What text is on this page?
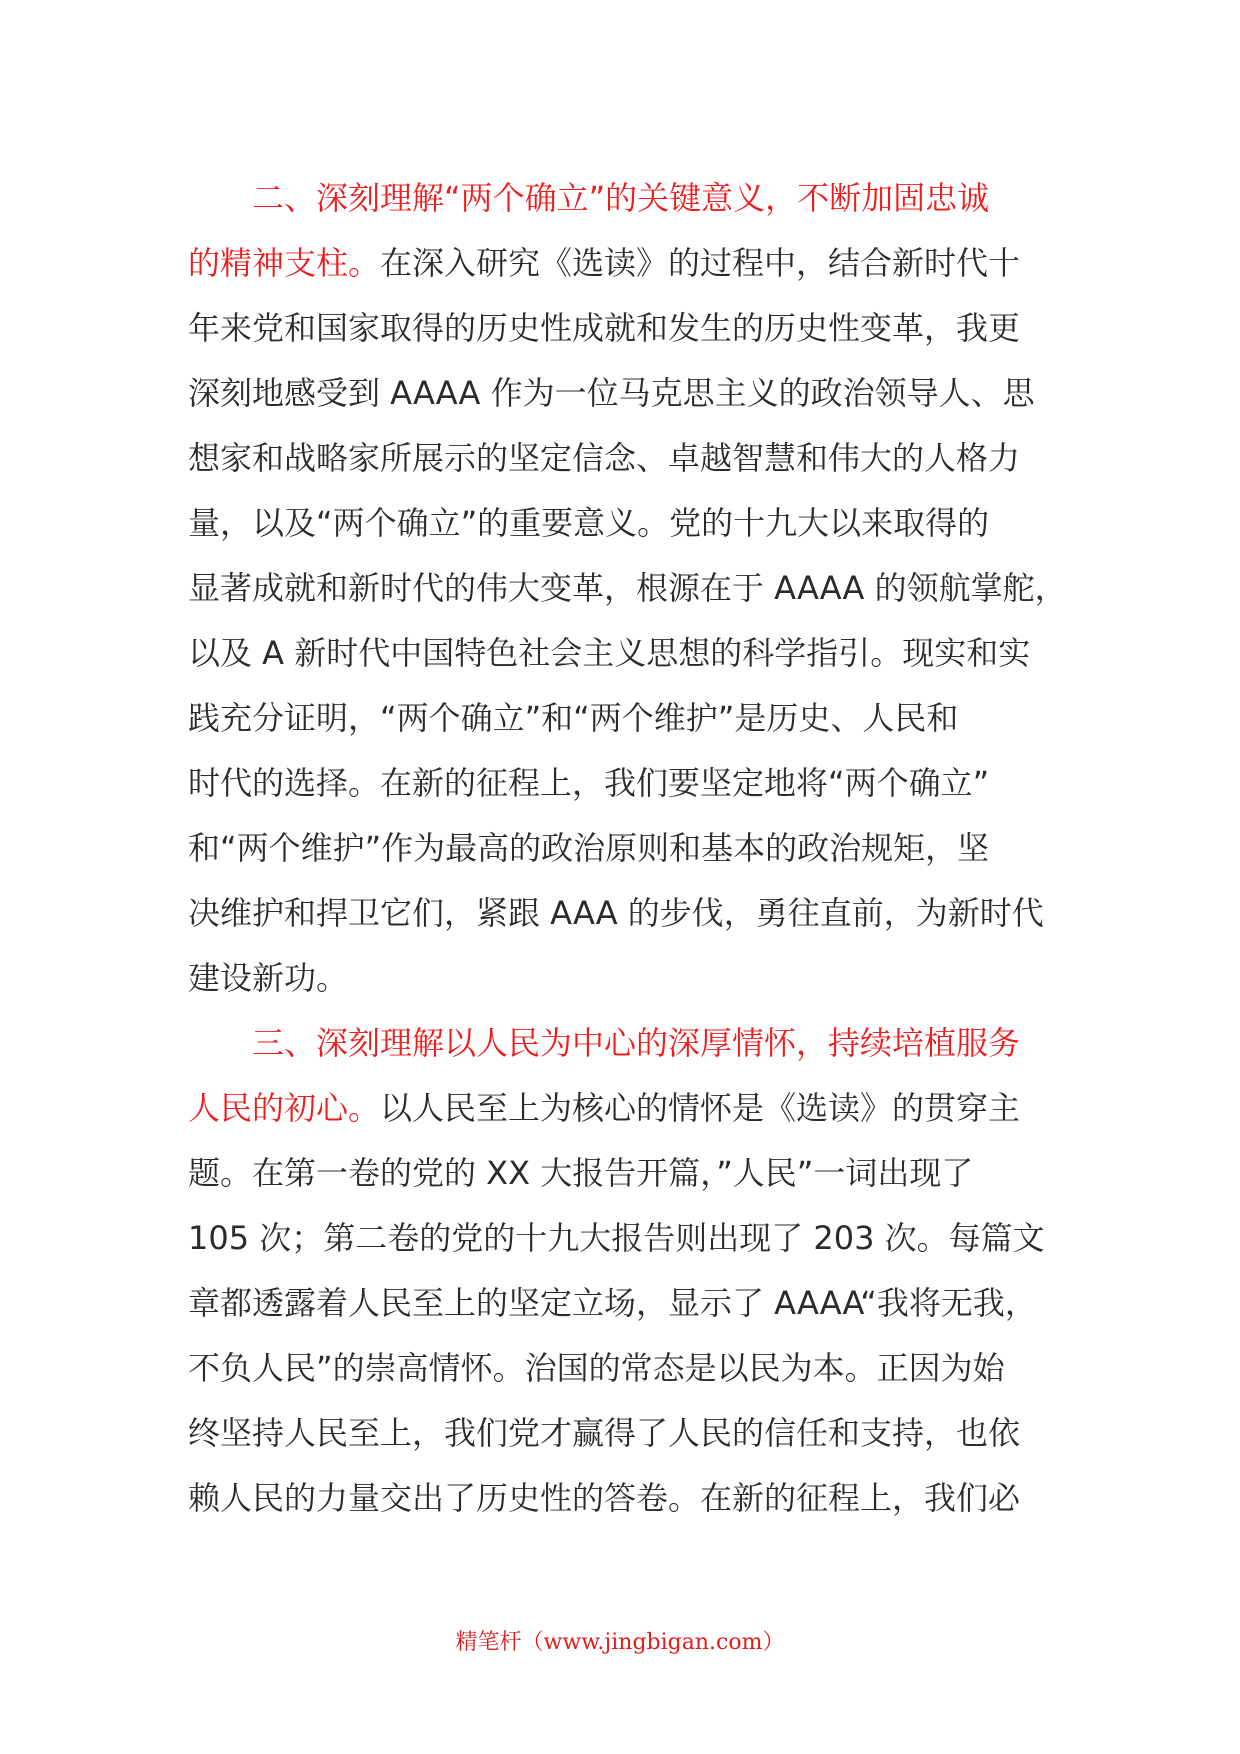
二、深刻理解“两个确立”的关键意义，不断加固忠诚
的精神支柱。在深入研究《选读》的过程中，结合新时代十
年来党和国家取得的历史性成就和发生的历史性变革，我更
深刻地感受到 AAAA 作为一位马克思主义的政治领导人、思
想家和战略家所展示的坚定信念、卓越智慧和伟大的人格力
量，以及“两个确立”的重要意义。党的十九大以来取得的
显著成就和新时代的伟大变革，根源在于 AAAA 的领航掌舵，
以及 A 新时代中国特色社会主义思想的科学指引。现实和实
践充分证明，“两个确立”和“两个维护”是历史、人民和
时代的选择。在新的征程上，我们要坚定地将“两个确立”
和“两个维护”作为最高的政治原则和基本的政治规矩，坚
决维护和捍卫它们，紧跟 AAA 的步伐，勇往直前，为新时代
建设新功。
三、深刻理解以人民为中心的深厚情怀，持续培植服务
人民的初心。以人民至上为核心的情怀是《选读》的贯穿主
题。在第一卷的党的 XX 大报告开篇，”人民”一词出现了
105 次；第二卷的党的十九大报告则出现了 203 次。每篇文
章都透露着人民至上的坚定立场，显示了 AAAA“我将无我，
不负人民”的崇高情怀。治国的常态是以民为本。正因为始
终坚持人民至上，我们党才赢得了人民的信任和支持，也依
赖人民的力量交出了历史性的答卷。在新的征程上，我们必
精笔杆（www.jingbigan.com）
